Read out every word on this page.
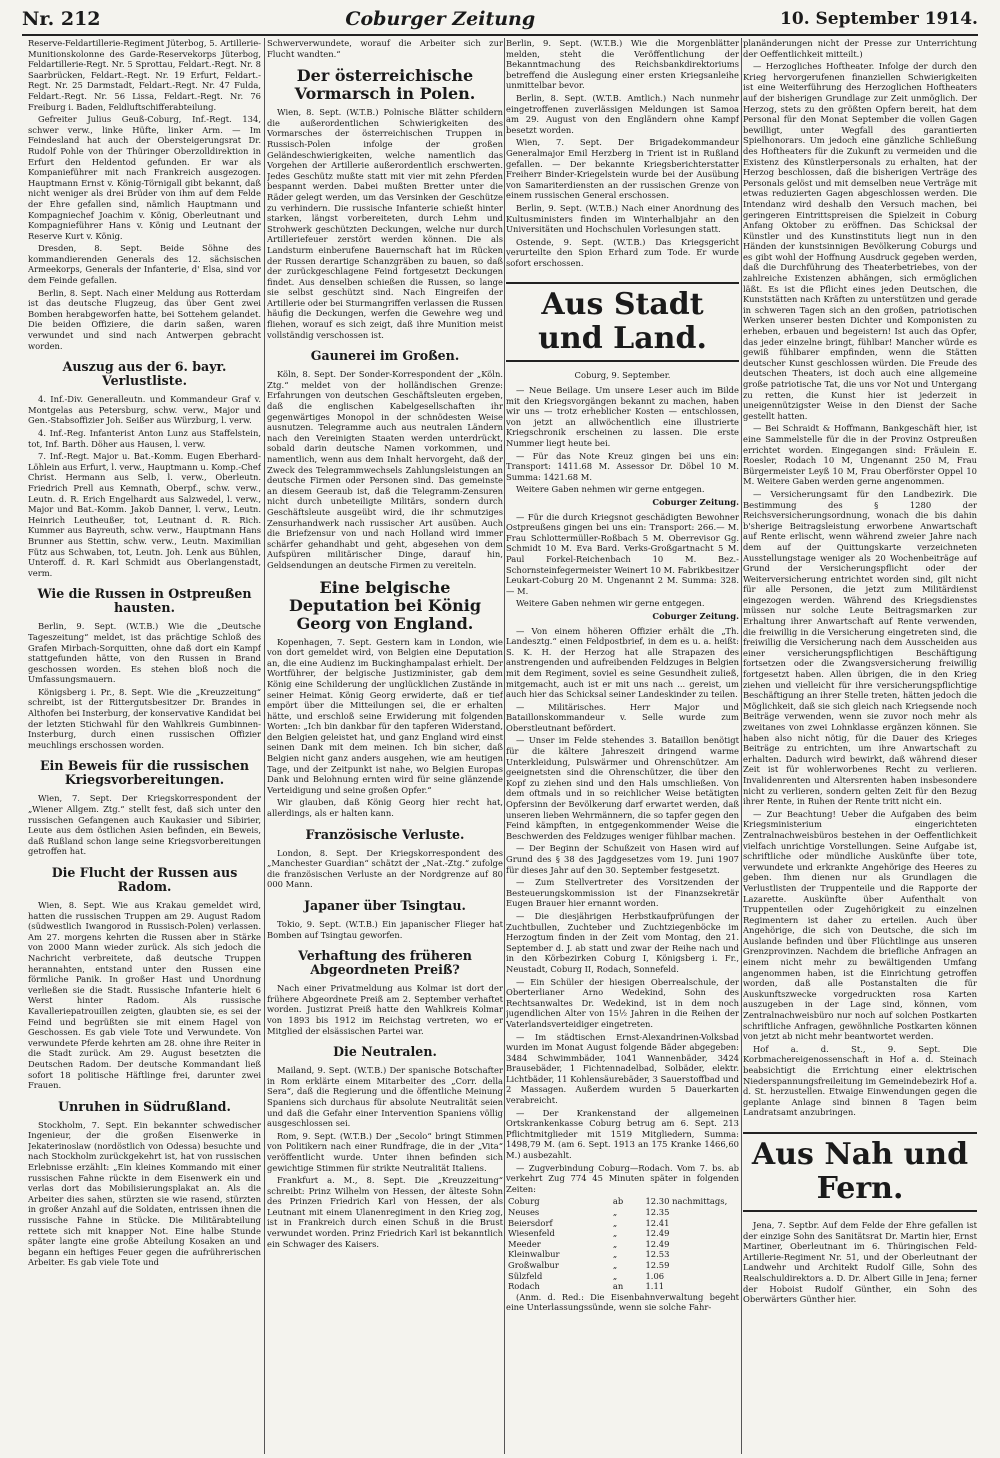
Nr. 212	Coburger Zeitung	10. September 1914.

Reserve-Feldartillerie-Regiment Jüterbog, 5. Artillerie-Munitionskolonne des Garde-Reservekorps Jüterbog, Feldartillerie-Regt. Nr. 5 Sprottau, Feldart.-Regt. Nr. 8 Saarbrücken, Feldart.-Regt. Nr. 19 Erfurt, Feldart.-Regt. Nr. 25 Darmstadt, Feldart.-Regt. Nr. 47 Fulda, Feldart.-Regt. Nr. 56 Lissa, Feldart.-Regt. Nr. 76 Freiburg i. Baden, Feldluftschifferabteilung.

Gefreiter Julius Geuß-Coburg, Inf.-Regt. 134, schwer verw., linke Hüfte, linker Arm. — Im Feindesland hat auch der Obersteigerungsrat Dr. Rudolf Pohle von der Thüringer Oberzolldirektion in Erfurt den Heldentod gefunden. Er war als Kompanieführer mit nach Frankreich ausgezogen. Hauptmann Ernst v. König-Törnigall gibt bekannt, daß nicht weniger als drei Brüder von ihm auf dem Felde der Ehre gefallen sind, nämlich Hauptmann und Kompagniechef Joachim v. König, Oberleutnant und Kompagnieführer Hans v. König und Leutnant der Reserve Kurt v. König.

Dresden, 8. Sept. Beide Söhne des kommandierenden Generals des 12. sächsischen Armeekorps, Generals der Infanterie, d' Elsa, sind vor dem Feinde gefallen.

Berlin, 8. Sept. Nach einer Meldung aus Rotterdam ist das deutsche Flugzeug, das über Gent zwei Bomben herabgeworfen hatte, bei Sottehem gelandet. Die beiden Offiziere, die darin saßen, waren verwundet und sind nach Antwerpen gebracht worden.

Auszug aus der 6. bayr. Verlustliste.

4. Inf.-Div. Generalleutn. und Kommandeur Graf v. Montgelas aus Petersburg, schw. verw., Major und Gen.-Stabsoffizier Joh. Seißer aus Würzburg, l. verw.

4. Inf.-Reg. Infanterist Anton Lunz aus Staffelstein, tot, Inf. Barth. Döher aus Hausen, l. verw.

7. Inf.-Regt. Major u. Bat.-Komm. Eugen Eberhard-Löhlein aus Erfurt, l. verw., Hauptmann u. Komp.-Chef Christ. Hermann aus Selb, l. verw., Oberleutn. Friedrich Prell aus Kemnath, Oberpf., schw. verw., Leutn. d. R. Erich Engelhardt aus Salzwedel, l. verw., Major und Bat.-Komm. Jakob Danner, l. verw., Leutn. Heinrich Leutheußer, tot, Leutnant d. R. Rich. Kummer aus Bayreuth, schw. verw., Hauptmann Hans Brunner aus Stettin, schw. verw., Leutn. Maximilian Fütz aus Schwaben, tot, Leutn. Joh. Lenk aus Bühlen, Unteroff. d. R. Karl Schmidt aus Oberlangenstadt, verm.

Wie die Russen in Ostpreußen hausten.

Berlin, 9. Sept. (W.T.B.) Wie die „Deutsche Tageszeitung“ meldet, ist das prächtige Schloß des Grafen Mirbach-Sorquitten, ohne daß dort ein Kampf stattgefunden hätte, von den Russen in Brand geschossen worden. Es stehen bloß noch die Umfassungsmauern.

Königsberg i. Pr., 8. Sept. Wie die „Kreuzzeitung“ schreibt, ist der Rittergutsbesitzer Dr. Brandes in Althofen bei Insterburg, der konservative Kandidat bei der letzten Stichwahl für den Wahlkreis Gumbinnen-Insterburg, durch einen russischen Offizier meuchlings erschossen worden.

Ein Beweis für die russischen Kriegsvorbereitungen.

Wien, 7. Sept. Der Kriegskorrespondent der „Wiener Allgem. Ztg.“ stellt fest, daß sich unter den russischen Gefangenen auch Kaukasier und Sibirier, Leute aus dem östlichen Asien befinden, ein Beweis, daß Rußland schon lange seine Kriegsvorbereitungen getroffen hat.

Die Flucht der Russen aus Radom.

Wien, 8. Sept. Wie aus Krakau gemeldet wird, hatten die russischen Truppen am 29. August Radom (südwestlich Iwangorod in Russisch-Polen) verlassen. Am 27. morgens kehrten die Russen aber in Stärke von 2000 Mann wieder zurück. Als sich jedoch die Nachricht verbreitete, daß deutsche Truppen herannahten, entstand unter den Russen eine förmliche Panik. In großer Hast und Unordnung verließen sie die Stadt. Russische Infanterie hielt 6 Werst hinter Radom. Als russische Kavalleriepatrouillen zeigten, glaubten sie, es sei der Feind und begrüßten sie mit einem Hagel von Geschossen. Es gab viele Tote und Verwundete. Von verwundete Pferde kehrten am 28. ohne ihre Reiter in die Stadt zurück. Am 29. August besetzten die Deutschen Radom. Der deutsche Kommandant ließ sofort 18 politische Häftlinge frei, darunter zwei Frauen.

Unruhen in Südrußland.

Stockholm, 7. Sept. Ein bekannter schwedischer Ingenieur, der die großen Eisenwerke in Jekaterinoslaw (nordöstlich von Odessa) besuchte und nach Stockholm zurückgekehrt ist, hat von russischen Erlebnisse erzählt: „Ein kleines Kommando mit einer russischen Fahne rückte in dem Eisenwerk ein und verlas dort das Mobilisierungsplakat an. Als die Arbeiter dies sahen, stürzten sie wie rasend, stürzten in großer Anzahl auf die Soldaten, entrissen ihnen die russische Fahne in Stücke. Die Militärabteilung rettete sich mit knapper Not. Eine halbe Stunde später langte eine große Abteilung Kosaken an und begann ein heftiges Feuer gegen die aufrührerischen Arbeiter. Es gab viele Tote und

Schwerverwundete, worauf die Arbeiter sich zur Flucht wandten.“

Der österreichische Vormarsch in Polen.

Wien, 8. Sept. (W.T.B.) Polnische Blätter schildern die außerordentlichen Schwierigkeiten des Vormarsches der österreichischen Truppen in Russisch-Polen infolge der großen Geländeschwierigkeiten, welche namentlich das Vorgehen der Artillerie außerordentlich erschwerten. Jedes Geschütz mußte statt mit vier mit zehn Pferden bespannt werden. Dabei mußten Bretter unter die Räder gelegt werden, um das Versinken der Geschütze zu verhindern. Die russische Infanterie schießt hinter starken, längst vorbereiteten, durch Lehm und Strohwerk geschützten Deckungen, welche nur durch Artilleriefeuer zerstört werden können. Die als Landsturm einberufene Bauernschaft hat im Rücken der Russen derartige Schanzgräben zu bauen, so daß der zurückgeschlagene Feind fortgesetzt Deckungen findet. Aus denselben schießen die Russen, so lange sie selbst geschützt sind. Nach Eingreifen der Artillerie oder bei Sturmangriffen verlassen die Russen häufig die Deckungen, werfen die Gewehre weg und fliehen, worauf es sich zeigt, daß ihre Munition meist vollständig verschossen ist.

Gaunerei im Großen.

Köln, 8. Sept. Der Sonder-Korrespondent der „Köln. Ztg.“ meldet von der holländischen Grenze: Erfahrungen von deutschen Geschäftsleuten ergeben, daß die englischen Kabelgesellschaften ihr gegenwärtiges Monopol in der schnödesten Weise ausnutzen. Telegramme auch aus neutralen Ländern nach den Vereinigten Staaten werden unterdrückt, sobald darin deutsche Namen vorkommen, und namentlich, wenn aus dem Inhalt hervorgeht, daß der Zweck des Telegrammwechsels Zahlungsleistungen an deutsche Firmen oder Personen sind. Das gemeinste an diesem Geeraub ist, daß die Telegramm-Zensuren nicht durch unbeteiligte Militärs, sondern durch Geschäftsleute ausgeübt wird, die ihr schmutziges Zensurhandwerk nach russischer Art ausüben. Auch die Briefzensur von und nach Holland wird immer schärfer gehandhabt und geht, abgesehen von dem Aufspüren militärischer Dinge, darauf hin, Geldsendungen an deutsche Firmen zu vereiteln.

Eine belgische Deputation bei König Georg von England.

Kopenhagen, 7. Sept. Gestern kam in London, wie von dort gemeldet wird, von Belgien eine Deputation an, die eine Audienz im Buckinghampalast erhielt. Der Wortführer, der belgische Justizminister, gab dem König eine Schilderung der unglücklichen Zustände in seiner Heimat. König Georg erwiderte, daß er tief empört über die Mitteilungen sei, die er erhalten hätte, und erschloß seine Erwiderung mit folgenden Worten: „Ich bin dankbar für den tapferen Widerstand, den Belgien geleistet hat, und ganz England wird einst seinen Dank mit dem meinen. Ich bin sicher, daß Belgien nicht ganz anders ausgehen, wie am heutigen Tage, und der Zeitpunkt ist nahe, wo Belgien Europas Dank und Belohnung ernten wird für seine glänzende Verteidigung und seine großen Opfer.“

Wir glauben, daß König Georg hier recht hat, allerdings, als er halten kann.

Französische Verluste.

London, 8. Sept. Der Kriegskorrespondent des „Manchester Guardian“ schätzt der „Nat.-Ztg.“ zufolge die französischen Verluste an der Nordgrenze auf 80 000 Mann.

Japaner über Tsingtau.

Tokio, 9. Sept. (W.T.B.) Ein japanischer Flieger hat Bomben auf Tsingtau geworfen.

Verhaftung des früheren Abgeordneten Preiß?

Nach einer Privatmeldung aus Kolmar ist dort der frühere Abgeordnete Preiß am 2. September verhaftet worden. Justizrat Preiß hatte den Wahlkreis Kolmar von 1893 bis 1912 im Reichstag vertreten, wo er Mitglied der elsässischen Partei war.

Die Neutralen.

Mailand, 9. Sept. (W.T.B.) Der spanische Botschafter in Rom erklärte einem Mitarbeiter des „Corr. della Sera“, daß die Regierung und die öffentliche Meinung Spaniens sich durchaus für absolute Neutralität seien und daß die Gefahr einer Intervention Spaniens völlig ausgeschlossen sei.

Rom, 9. Sept. (W.T.B.) Der „Secolo“ bringt Stimmen von Politikern nach einer Rundfrage, die in der „Vita“ veröffentlicht wurde. Unter ihnen befinden sich gewichtige Stimmen für strikte Neutralität Italiens.

Frankfurt a. M., 8. Sept. Die „Kreuzzeitung“ schreibt: Prinz Wilhelm von Hessen, der älteste Sohn des Prinzen Friedrich Karl von Hessen, der als Leutnant mit einem Ulanenregiment in den Krieg zog, ist in Frankreich durch einen Schuß in die Brust verwundet worden. Prinz Friedrich Karl ist bekanntlich ein Schwager des Kaisers.

Berlin, 9. Sept. (W.T.B.) Wie die Morgenblätter melden, steht die Veröffentlichung der Bekanntmachung des Reichsbankdirektoriums betreffend die Auslegung einer ersten Kriegsanleihe unmittelbar bevor.

Berlin, 8. Sept. (W.T.B. Amtlich.) Nach nunmehr eingetroffenen zuverlässigen Meldungen ist Samoa am 29. August von den Engländern ohne Kampf besetzt worden.

Wien, 7. Sept. Der Brigadekommandeur Generalmajor Emil Herzberg in Trient ist in Rußland gefallen. — Der bekannte Kriegsberichterstatter Freiherr Binder-Kriegelstein wurde bei der Ausübung von Samariterdiensten an der russischen Grenze von einem russischen General erschossen.

Berlin, 9. Sept. (W.T.B.) Nach einer Anordnung des Kultusministers finden im Winterhalbjahr an den Universitäten und Hochschulen Vorlesungen statt.

Ostende, 9. Sept. (W.T.B.) Das Kriegsgericht verurteilte den Spion Erhard zum Tode. Er wurde sofort erschossen.

Aus Stadt und Land.
Coburg, 9. September.

— Neue Beilage. Um unsere Leser auch im Bilde mit den Kriegsvorgängen bekannt zu machen, haben wir uns — trotz erheblicher Kosten — entschlossen, von jetzt an allwöchentlich eine illustrierte Kriegschronik erscheinen zu lassen. Die erste Nummer liegt heute bei.

— Für das Note Kreuz gingen bei uns ein: Transport: 1411.68 M. Assessor Dr. Döbel 10 M. Summa: 1421.68 M.

Weitere Gaben nehmen wir gerne entgegen.

Coburger Zeitung.

— Für die durch Kriegsnot geschädigten Bewohner Ostpreußens gingen bei uns ein: Transport: 266.— M. Frau Schlottermüller-Roßbach 5 M. Oberrevisor Gg. Schmidt 10 M. Eva Bard. Verks-Großgartnacht 5 M. Paul Forkel-Reichenbach 10 M. Bez.-Schornsteinfegermeister Weinert 10 M. Fabrikbesitzer Leukart-Coburg 20 M. Ungenannt 2 M. Summa: 328.— M.

Weitere Gaben nehmen wir gerne entgegen.

Coburger Zeitung.

— Von einem höheren Offizier erhält die „Th. Landesztg.“ einen Feldpostbrief, in dem es u. a. heißt: S. K. H. der Herzog hat alle Strapazen des anstrengenden und aufreibenden Feldzuges in Belgien mit dem Regiment, soviel es seine Gesundheit zuließ, mitgemacht, auch ist er mit uns nach ... gereist, um auch hier das Schicksal seiner Landeskinder zu teilen.

— Militärisches. Herr Major und Bataillonskommandeur v. Selle wurde zum Oberstleutnant befördert.

— Unser im Felde stehendes 3. Bataillon benötigt für die kältere Jahreszeit dringend warme Unterkleidung, Pulswärmer und Ohrenschützer. Am geeignetsten sind die Ohrenschützer, die über den Kopf zu ziehen sind und den Hals umschließen. Von dem oftmals und in so reichlicher Weise betätigten Opfersinn der Bevölkerung darf erwartet werden, daß unseren lieben Wehrmännern, die so tapfer gegen den Feind kämpften, in entgegenkommender Weise die Beschwerden des Feldzuges weniger fühlbar machen.

— Der Beginn der Schußzeit von Hasen wird auf Grund des § 38 des Jagdgesetzes vom 19. Juni 1907 für dieses Jahr auf den 30. September festgesetzt.

— Zum Stellvertreter des Vorsitzenden der Besteuerungskommission ist der Finanzsekretär Eugen Brauer hier ernannt worden.

— Die diesjährigen Herbstkaufprüfungen der Zuchtbullen, Zuchteber und Zuchtziegenböcke im Herzogtum finden in der Zeit vom Montag, den 21. September d. J. ab statt und zwar der Reihe nach und in den Körbezirken Coburg I, Königsberg i. Fr., Neustadt, Coburg II, Rodach, Sonnefeld.

— Ein Schüler der hiesigen Oberrealschule, der Oberterlianer Arno Wedekind, Sohn des Rechtsanwaltes Dr. Wedekind, ist in dem noch jugendlichen Alter von 15½ Jahren in die Reihen der Vaterlandsverteidiger eingetreten.

— Im städtischen Ernst-Alexandrinen-Volksbad wurden im Monat August folgende Bäder abgegeben: 3484 Schwimmbäder, 1041 Wannenbäder, 3424 Brausebäder, 1 Fichtennadelbad, Solbäder, elektr. Lichtbäder, 11 Kohlensäurebäder, 3 Sauerstoffbad und 2 Massagen. Außerdem wurden 5 Dauerkarten verabreicht.

— Der Krankenstand der allgemeinen Ortskrankenkasse Coburg betrug am 6. Sept. 213 Pflichtmitglieder mit 1519 Mitgliedern, Summa: 1498,79 M. (am 6. Sept. 1913 an 175 Kranke 1466,60 M.) ausbezahlt.

— Zugverbindung Coburg—Rodach. Vom 7. bs. ab verkehrt Zug 774 45 Minuten später in folgenden Zeiten:

Coburg	ab	12.30 nachmittags,
Neuses	„	12.35
Beiersdorf	„	12.41
Wiesenfeld	„	12.49
Meeder	„	12.49
Kleinwalbur	„	12.53
Großwalbur	„	12.59
Sülzfeld	„	1.06
Rodach	an	1.11

(Anm. d. Red.: Die Eisenbahnverwaltung begeht eine Unterlassungssünde, wenn sie solche Fahr-

planänderungen nicht der Presse zur Unterrichtung der Oeffentlichkeit mitteilt.)

— Herzogliches Hoftheater. Infolge der durch den Krieg hervorgerufenen finanziellen Schwierigkeiten ist eine Weiterführung des Herzoglichen Hoftheaters auf der bisherigen Grundlage zur Zeit unmöglich. Der Herzog, stets zu den größten Opfern bereit, hat dem Personal für den Monat September die vollen Gagen bewilligt, unter Wegfall des garantierten Spielhonorars. Um jedoch eine gänzliche Schließung des Hoftheaters für die Zukunft zu vermeiden und die Existenz des Künstlerpersonals zu erhalten, hat der Herzog beschlossen, daß die bisherigen Verträge des Personals gelöst und mit demselben neue Verträge mit etwas reduzierten Gagen abgeschlossen werden. Die Intendanz wird deshalb den Versuch machen, bei geringeren Eintrittspreisen die Spielzeit in Coburg Anfang Oktober zu eröffnen. Das Schicksal der Künstler und des Kunstinstituts liegt nun in den Händen der kunstsinnigen Bevölkerung Coburgs und es gibt wohl der Hoffnung Ausdruck gegeben werden, daß die Durchführung des Theaterbetriebes, von der zahlreiche Existenzen abhängen, sich ermöglichen läßt. Es ist die Pflicht eines jeden Deutschen, die Kunststätten nach Kräften zu unterstützen und gerade in schweren Tagen sich an den großen, patriotischen Werken unserer besten Dichter und Komponisten zu erheben, erbauen und begeistern! Ist auch das Opfer, das jeder einzelne bringt, fühlbar! Mancher würde es gewiß fühlbarer empfinden, wenn die Stätten deutscher Kunst geschlossen würden. Die Freude des deutschen Theaters, ist doch auch eine allgemeine große patriotische Tat, die uns vor Not und Untergang zu retten, die Kunst hier ist jederzeit in uneigennützigster Weise in den Dienst der Sache gestellt hatten.

— Bei Schraidt & Hoffmann, Bankgeschäft hier, ist eine Sammelstelle für die in der Provinz Ostpreußen errichtet worden. Eingegangen sind: Fräulein E. Roesler, Rodach 10 M, Ungenannt 250 M, Frau Bürgermeister Leyß 10 M, Frau Oberförster Oppel 10 M. Weitere Gaben werden gerne angenommen.

— Versicherungsamt für den Landbezirk. Die Bestimmung des § 1280 der Reichsversicherungsordnung, wonach die bis dahin b'sherige Beitragsleistung erworbene Anwartschaft auf Rente erlischt, wenn während zweier Jahre nach dem auf der Quittungskarte verzeichneten Ausstellungstage weniger als 20 Wochenbeiträge auf Grund der Versicherungspflicht oder der Weiterversicherung entrichtet worden sind, gilt nicht für alle Personen, die jetzt zum Militärdienst eingezogen werden. Während des Kriegsdienstes müssen nur solche Leute Beitragsmarken zur Erhaltung ihrer Anwartschaft auf Rente verwenden, die freiwillig in die Versicherung eingetreten sind, die freiwillig die Versicherung nach dem Ausscheiden aus einer versicherungspflichtigen Beschäftigung fortsetzen oder die Zwangsversicherung freiwillig fortgesetzt haben. Allen übrigen, die in den Krieg ziehen und vielleicht für ihre versicherungspflichtige Beschäftigung an ihrer Stelle treten, hätten jedoch die Möglichkeit, daß sie sich gleich nach Kriegsende noch Beiträge verwenden, wenn sie zuvor noch mehr als zweitanes von zwei Lohnklasse ergänzen können. Sie haben also nicht nötig, für die Dauer des Krieges Beiträge zu entrichten, um ihre Anwartschaft zu erhalten. Dadurch wird bewirkt, daß während dieser Zeit ist für wohlerworbenes Recht zu verlieren. Invalidenrenten und Altersrenten haben insbesondere nicht zu verlieren, sondern gelten Zeit für den Bezug ihrer Rente, in Ruhen der Rente tritt nicht ein.

— Zur Beachtung! Ueber die Aufgaben des beim Kriegsministerium eingerichteten Zentralnachweisbüros bestehen in der Oeffentlichkeit vielfach unrichtige Vorstellungen. Seine Aufgabe ist, schriftliche oder mündliche Auskünfte über tote, verwundete und erkrankte Angehörige des Heeres zu geben. Ihm dienen nur als Grundlagen die Verlustlisten der Truppenteile und die Rapporte der Lazarette. Auskünfte über Aufenthalt von Truppenteilen oder Zugehörigkeit zu einzelnen Regimentern ist daher zu erteilen. Auch über Angehörige, die sich von Deutsche, die sich im Auslande befinden und über Flüchtlinge aus unseren Grenzprovinzen. Nachdem die briefliche Anfragen an einem nicht mehr zu bewältigenden Umfang angenommen haben, ist die Einrichtung getroffen worden, daß alle Postanstalten die für Auskunftszwecke vorgedruckten rosa Karten auszugeben in der Lage sind, können, vom Zentralnachweisbüro nur noch auf solchen Postkarten schriftliche Anfragen, gewöhnliche Postkarten können von jetzt ab nicht mehr beantwortet werden.

Hof a. d. St., 9. Sept. Die Korbmachereigenossenschaft in Hof a. d. Steinach beabsichtigt die Errichtung einer elektrischen Niederspannungsfreileitung im Gemeindebezirk Hof a. d. St. herzustellen. Etwaige Einwendungen gegen die geplante Anlage sind binnen 8 Tagen beim Landratsamt anzubringen.

Aus Nah und Fern.

Jena, 7. Septbr. Auf dem Felde der Ehre gefallen ist der einzige Sohn des Sanitätsrat Dr. Martin hier, Ernst Martiner, Oberleutnant im 6. Thüringischen Feld-Artillerie-Regiment Nr. 51, und der Oberleutnant der Landwehr und Architekt Rudolf Gille, Sohn des Realschuldirektors a. D. Dr. Albert Gille in Jena; ferner der Hoboist Rudolf Günther, ein Sohn des Oberwärters Günther hier.
